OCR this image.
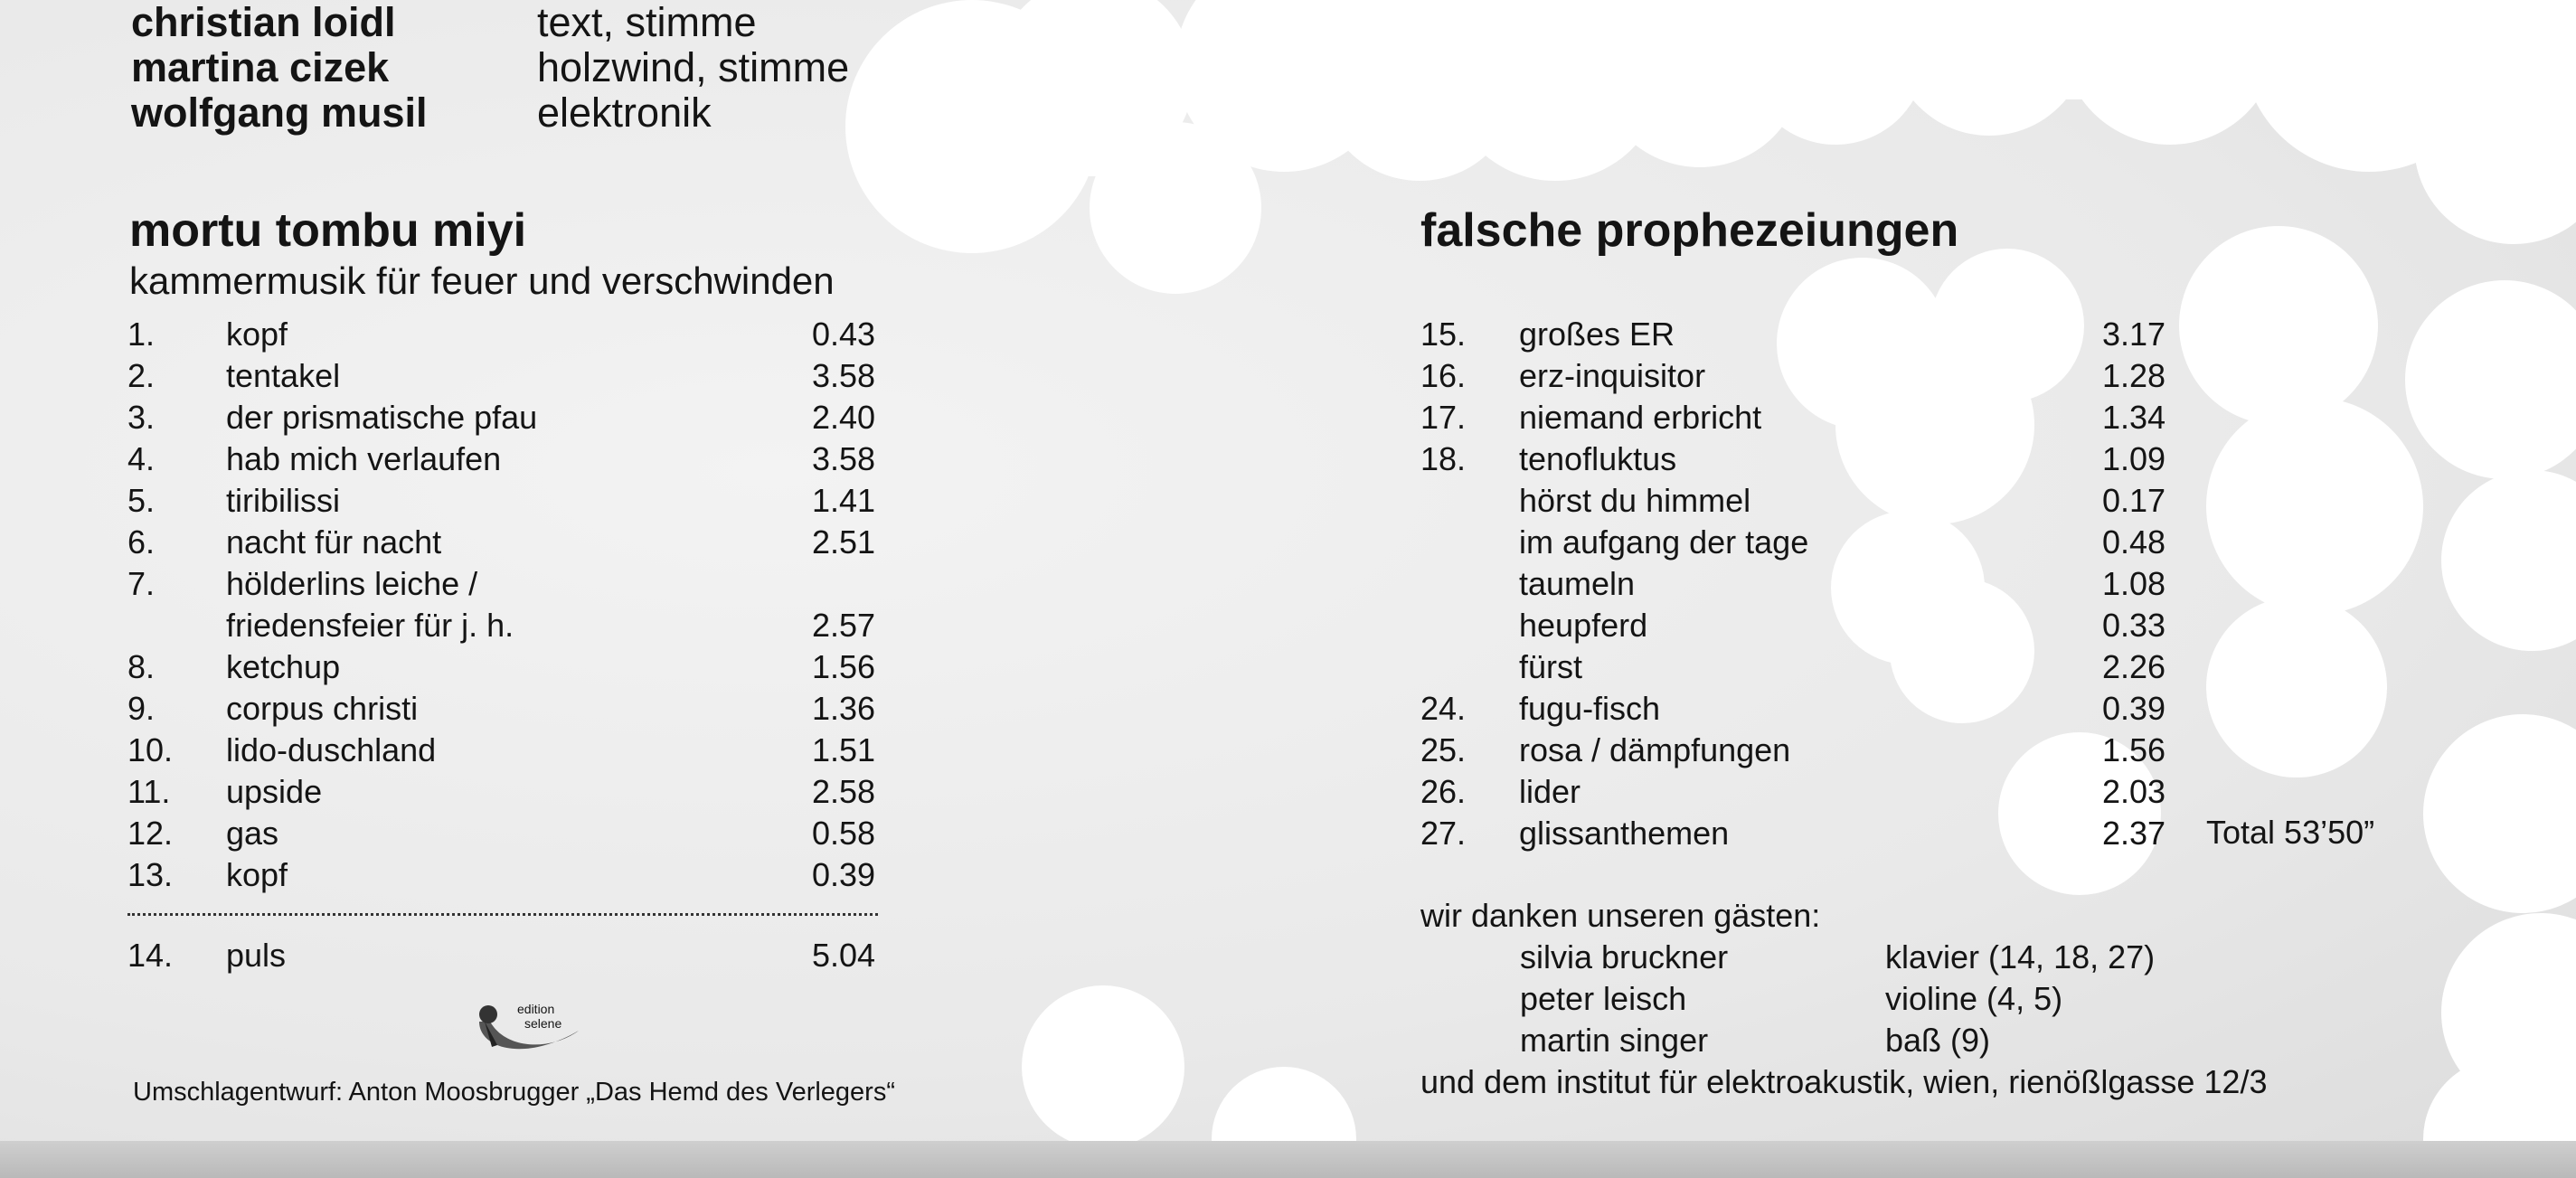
christian loidl	text, stimme
martina cizek	holzwind, stimme
wolfgang musil	elektronik
mortu tombu miyi
kammermusik für feuer und verschwinden
1. kopf	0.43
2. tentakel	3.58
3. der prismatische pfau	2.40
4. hab mich verlaufen	3.58
5. tiribilissi	1.41
6. nacht für nacht	2.51
7. hölderlins leiche /
friedensfeier für j. h.	2.57
8. ketchup	1.56
9. corpus christi	1.36
10. lido-duschland	1.51
11. upside	2.58
12. gas	0.58
13. kopf	0.39
14. puls	5.04
edition
selene
Umschlagentwurf: Anton Moosbrugger „Das Hemd des Verlegers“
falsche prophezeiungen
15. großes ER	3.17
16. erz-inquisitor	1.28
17. niemand erbricht	1.34
18. tenofluktus	1.09
hörst du himmel	0.17
im aufgang der tage	0.48
taumeln	1.08
heupferd	0.33
fürst	2.26
24. fugu-fisch	0.39
25. rosa / dämpfungen	1.56
26. lider	2.03
27. glissanthemen	2.37 Total 53’50”
wir danken unseren gästen:
silvia bruckner	klavier (14, 18, 27)
peter leisch	violine (4, 5)
martin singer	baß (9)
und dem institut für elektroakustik, wien, rienößlgasse 12/3
